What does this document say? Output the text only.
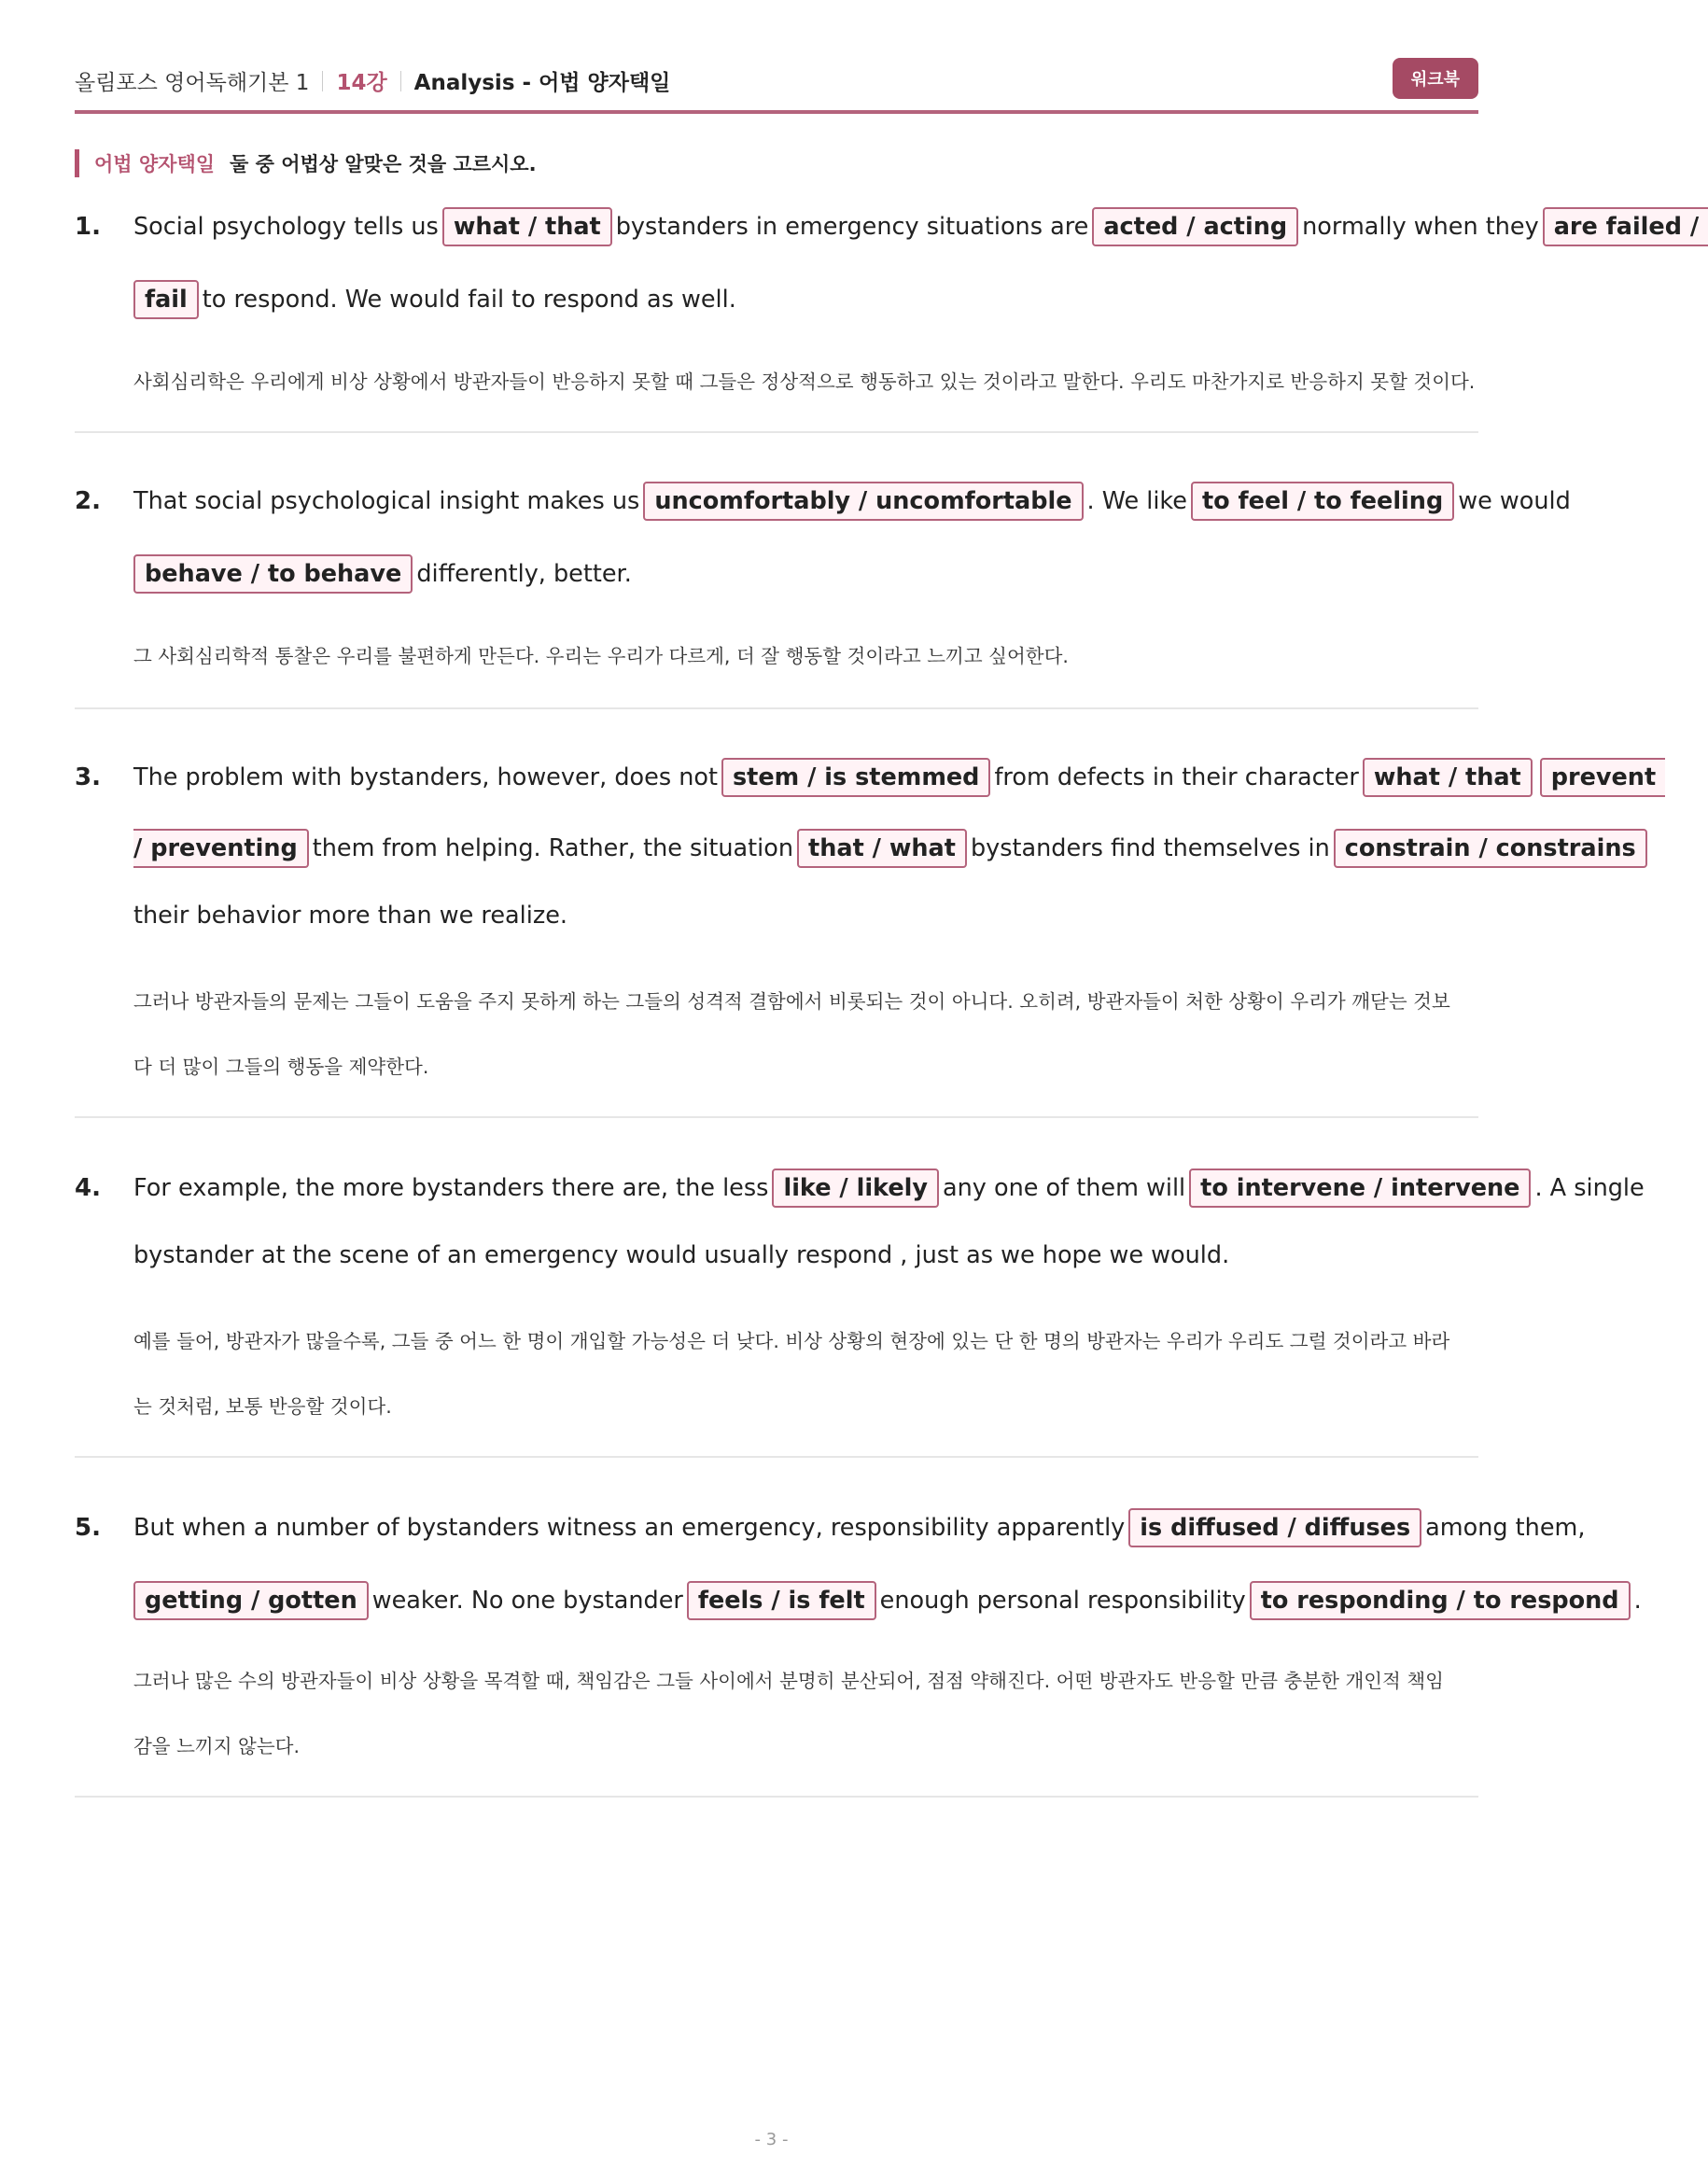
올림포스 영어독해기본 1 14강 Analysis - 어법 양자택일	워크북
어법 양자택일 둘 중 어법상 알맞은 것을 고르시오.
1. Social psychology tells us what / that bystanders in emergency situations are acted / acting normally when they are failed /
fail to respond. We would fail to respond as well.
사회심리학은 우리에게 비상 상황에서 방관자들이 반응하지 못할 때 그들은 정상적으로 행동하고 있는 것이라고 말한다. 우리도 마찬가지로 반응하지 못할 것이다.
2. That social psychological insight makes us uncomfortably / uncomfortable . We like to feel / to feeling we would
behave / to behave differently, better.
그 사회심리학적 통찰은 우리를 불편하게 만든다. 우리는 우리가 다르게, 더 잘 행동할 것이라고 느끼고 싶어한다.
3. The problem with bystanders, however, does not stem / is stemmed from defects in their character what / that	prevent
/ preventing them from helping. Rather, the situation that / what bystanders find themselves in constrain / constrains
their behavior more than we realize.
그러나 방관자들의 문제는 그들이 도움을 주지 못하게 하는 그들의 성격적 결함에서 비롯되는 것이 아니다. 오히려, 방관자들이 처한 상황이 우리가 깨닫는 것보
다 더 많이 그들의 행동을 제약한다.
4. For example, the more bystanders there are, the less like / likely any one of them will to intervene / intervene . A single
bystander at the scene of an emergency would usually respond , just as we hope we would.
예를 들어, 방관자가 많을수록, 그들 중 어느 한 명이 개입할 가능성은 더 낮다. 비상 상황의 현장에 있는 단 한 명의 방관자는 우리가 우리도 그럴 것이라고 바라
는 것처럼, 보통 반응할 것이다.
5. But when a number of bystanders witness an emergency, responsibility apparently is diffused / diffuses among them,
getting / gotten weaker. No one bystander feels / is felt enough personal responsibility to responding / to respond .
그러나 많은 수의 방관자들이 비상 상황을 목격할 때, 책임감은 그들 사이에서 분명히 분산되어, 점점 약해진다. 어떤 방관자도 반응할 만큼 충분한 개인적 책임
감을 느끼지 않는다.
- 3 -
